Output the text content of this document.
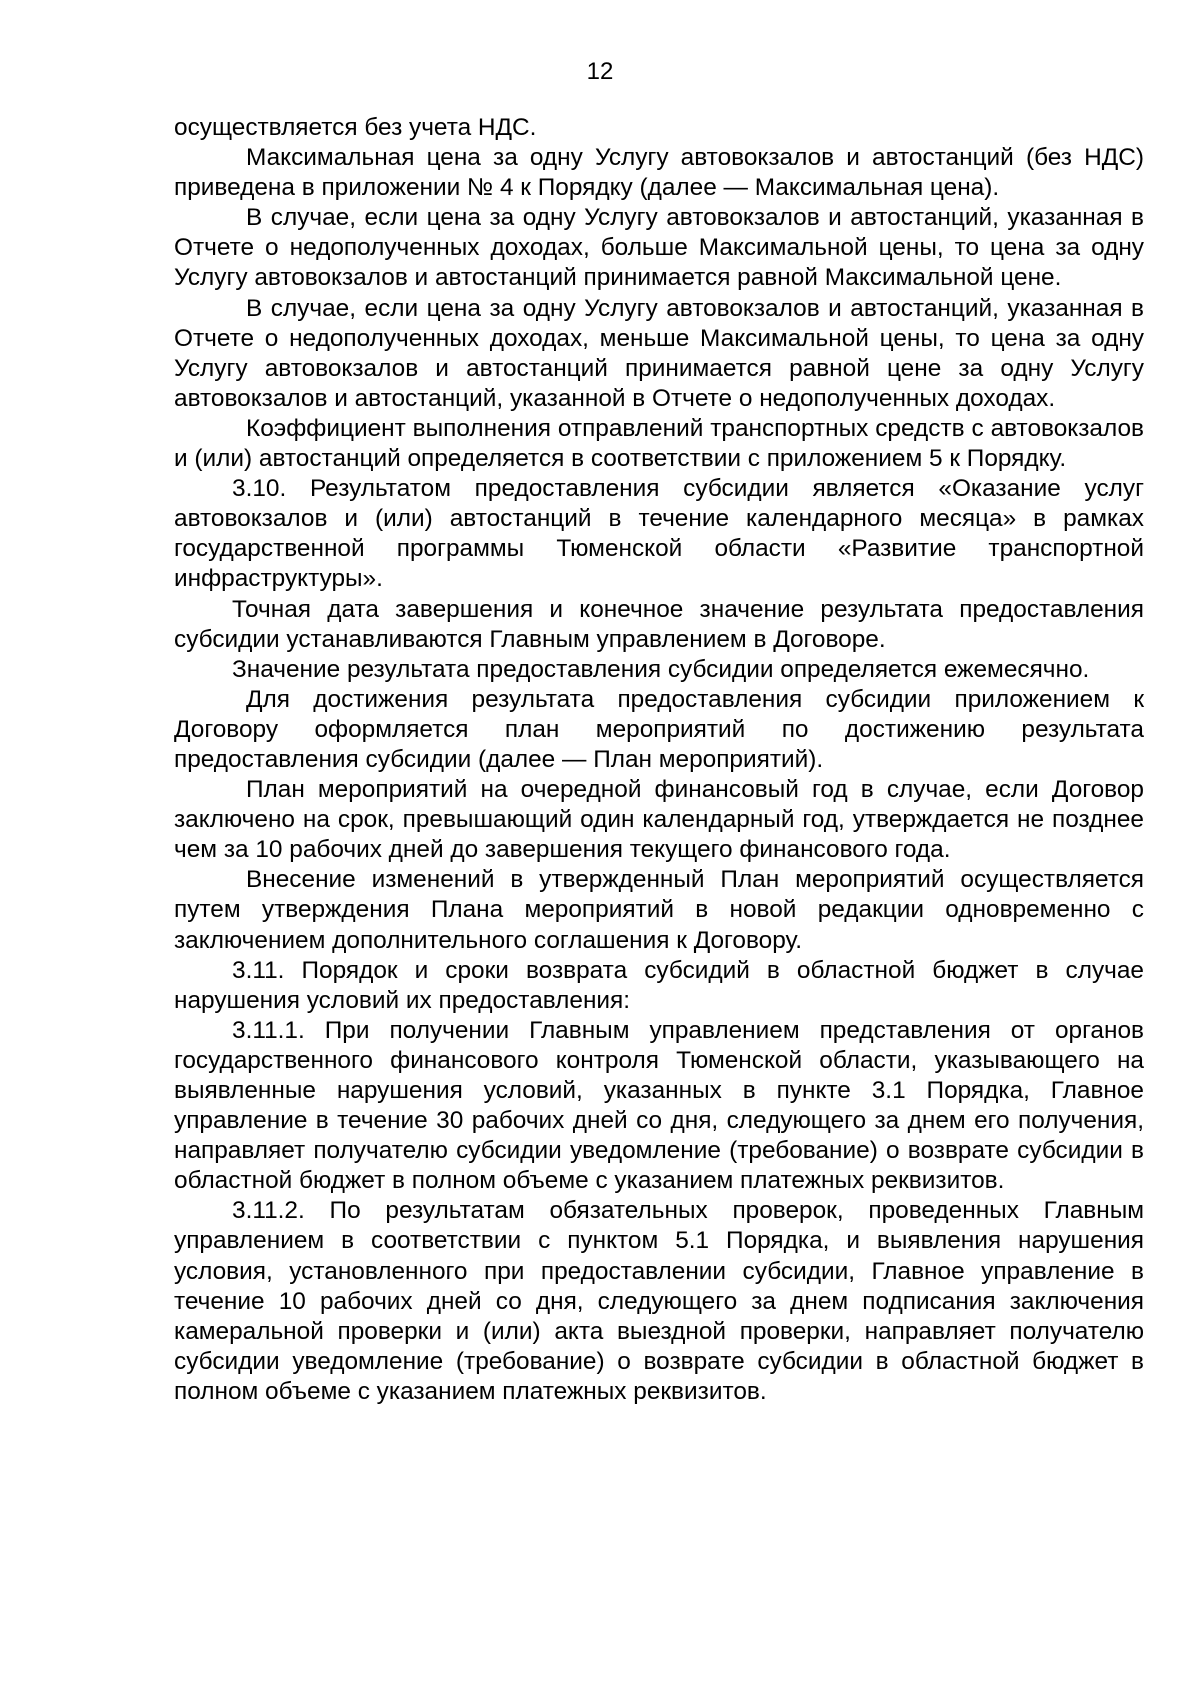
12

осуществляется без учета НДС.

Максимальная цена за одну Услугу автовокзалов и автостанций (без НДС) приведена в приложении № 4 к Порядку (далее — Максимальная цена).

В случае, если цена за одну Услугу автовокзалов и автостанций, указанная в Отчете о недополученных доходах, больше Максимальной цены, то цена за одну Услугу автовокзалов и автостанций принимается равной Максимальной цене.

В случае, если цена за одну Услугу автовокзалов и автостанций, указанная в Отчете о недополученных доходах, меньше Максимальной цены, то цена за одну Услугу автовокзалов и автостанций принимается равной цене за одну Услугу автовокзалов и автостанций, указанной в Отчете о недополученных доходах.

Коэффициент выполнения отправлений транспортных средств с автовокзалов и (или) автостанций определяется в соответствии с приложением 5 к Порядку.

3.10. Результатом предоставления субсидии является «Оказание услуг автовокзалов и (или) автостанций в течение календарного месяца» в рамках государственной программы Тюменской области «Развитие транспортной инфраструктуры».

Точная дата завершения и конечное значение результата предоставления субсидии устанавливаются Главным управлением в Договоре.

Значение результата предоставления субсидии определяется ежемесячно.

Для достижения результата предоставления субсидии приложением к Договору оформляется план мероприятий по достижению результата предоставления субсидии (далее — План мероприятий).

План мероприятий на очередной финансовый год в случае, если Договор заключено на срок, превышающий один календарный год, утверждается не позднее чем за 10 рабочих дней до завершения текущего финансового года.

Внесение изменений в утвержденный План мероприятий осуществляется путем утверждения Плана мероприятий в новой редакции одновременно с заключением дополнительного соглашения к Договору.

3.11. Порядок и сроки возврата субсидий в областной бюджет в случае нарушения условий их предоставления:

3.11.1. При получении Главным управлением представления от органов государственного финансового контроля Тюменской области, указывающего на выявленные нарушения условий, указанных в пункте 3.1 Порядка, Главное управление в течение 30 рабочих дней со дня, следующего за днем его получения, направляет получателю субсидии уведомление (требование) о возврате субсидии в областной бюджет в полном объеме с указанием платежных реквизитов.

3.11.2. По результатам обязательных проверок, проведенных Главным управлением в соответствии с пунктом 5.1 Порядка, и выявления нарушения условия, установленного при предоставлении субсидии, Главное управление в течение 10 рабочих дней со дня, следующего за днем подписания заключения камеральной проверки и (или) акта выездной проверки, направляет получателю субсидии уведомление (требование) о возврате субсидии в областной бюджет в полном объеме с указанием платежных реквизитов.
